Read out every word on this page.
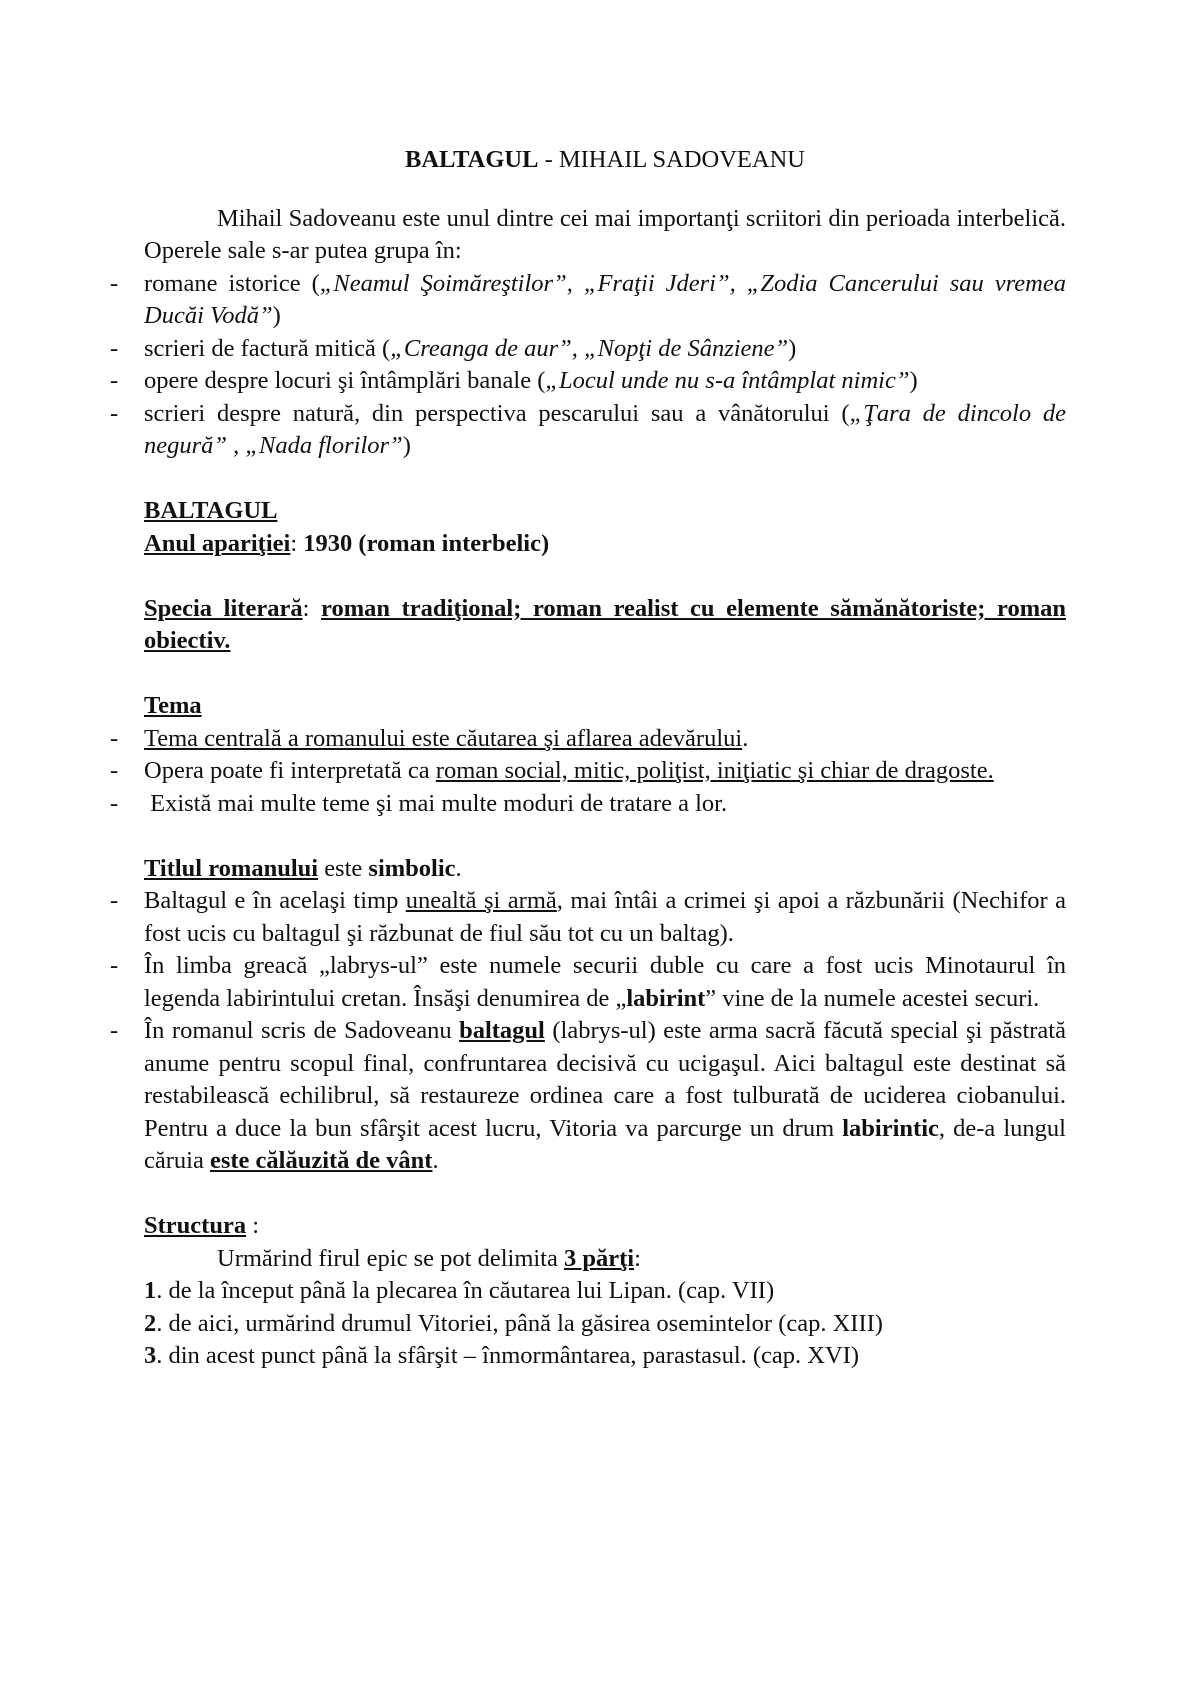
BALTAGUL - MIHAIL SADOVEANU

Mihail Sadoveanu este unul dintre cei mai importanţi scriitori din perioada interbelică. Operele sale s-ar putea grupa în:

- romane istorice („Neamul Şoimăreştilor”, „Fraţii Jderi”, „Zodia Cancerului sau vremea Ducăi Vodă”)
- scrieri de factură mitică („Creanga de aur”, „Nopţi de Sânziene”)
- opere despre locuri şi întâmplări banale („Locul unde nu s-a întâmplat nimic”)
- scrieri despre natură, din perspectiva pescarului sau a vânătorului („Ţara de dincolo de negură” , „Nada florilor”)

BALTAGUL

Anul apariţiei: 1930 (roman interbelic)

Specia literară: roman tradiţional; roman realist cu elemente sămănătoriste; roman obiectiv.

Tema

- Tema centrală a romanului este căutarea şi aflarea adevărului.
- Opera poate fi interpretată ca roman social, mitic, poliţist, iniţiatic şi chiar de dragoste.
-  Există mai multe teme şi mai multe moduri de tratare a lor.

Titlul romanului este simbolic.

- Baltagul e în acelaşi timp unealtă şi armă, mai întâi a crimei şi apoi a răzbunării (Nechifor a fost ucis cu baltagul şi răzbunat de fiul său tot cu un baltag).
- În limba greacă „labrys-ul” este numele securii duble cu care a fost ucis Minotaurul în legenda labirintului cretan. Însăşi denumirea de „labirint” vine de la numele acestei securi.
- În romanul scris de Sadoveanu baltagul (labrys-ul) este arma sacră făcută special şi păstrată anume pentru scopul final, confruntarea decisivă cu ucigaşul. Aici baltagul este destinat să restabilească echilibrul, să restaureze ordinea care a fost tulburată de uciderea ciobanului. Pentru a duce la bun sfârşit acest lucru, Vitoria va parcurge un drum labirintic, de-a lungul căruia este călăuzită de vânt.

Structura :

Urmărind firul epic se pot delimita 3 părţi:

1. de la început până la plecarea în căutarea lui Lipan. (cap. VII)
2. de aici, urmărind drumul Vitoriei, până la găsirea osemintelor (cap. XIII)
3. din acest punct până la sfârşit – înmormântarea, parastasul. (cap. XVI)
